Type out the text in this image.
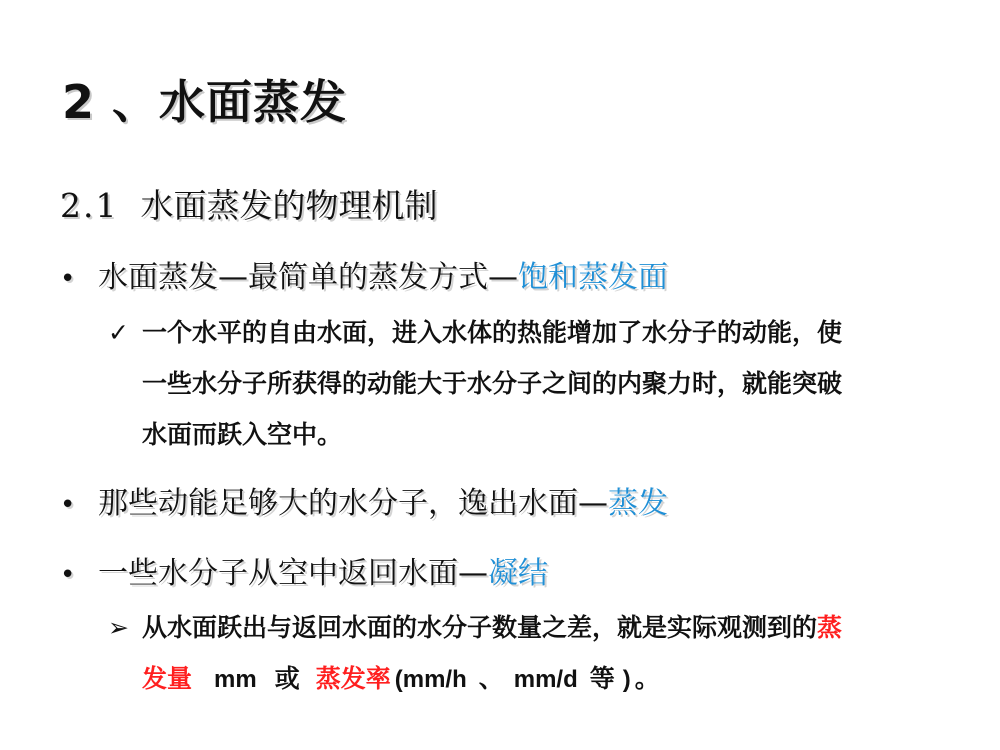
2 、水面蒸发
2.1 水面蒸发的物理机制
• 水面蒸发—最简单的蒸发方式—饱和蒸发面
✓ 一个水平的自由水面，进入水体的热能增加了水分子的动能，使
一些水分子所获得的动能大于水分子之间的内聚力时，就能突破
水面而跃入空中。
• 那些动能足够大的水分子，逸出水面—蒸发
• 一些水分子从空中返回水面—凝结
➢ 从水面跃出与返回水面的水分子数量之差，就是实际观测到的蒸
发量 mm 或 蒸发率 (mm/h 、 mm/d 等 ) 。
